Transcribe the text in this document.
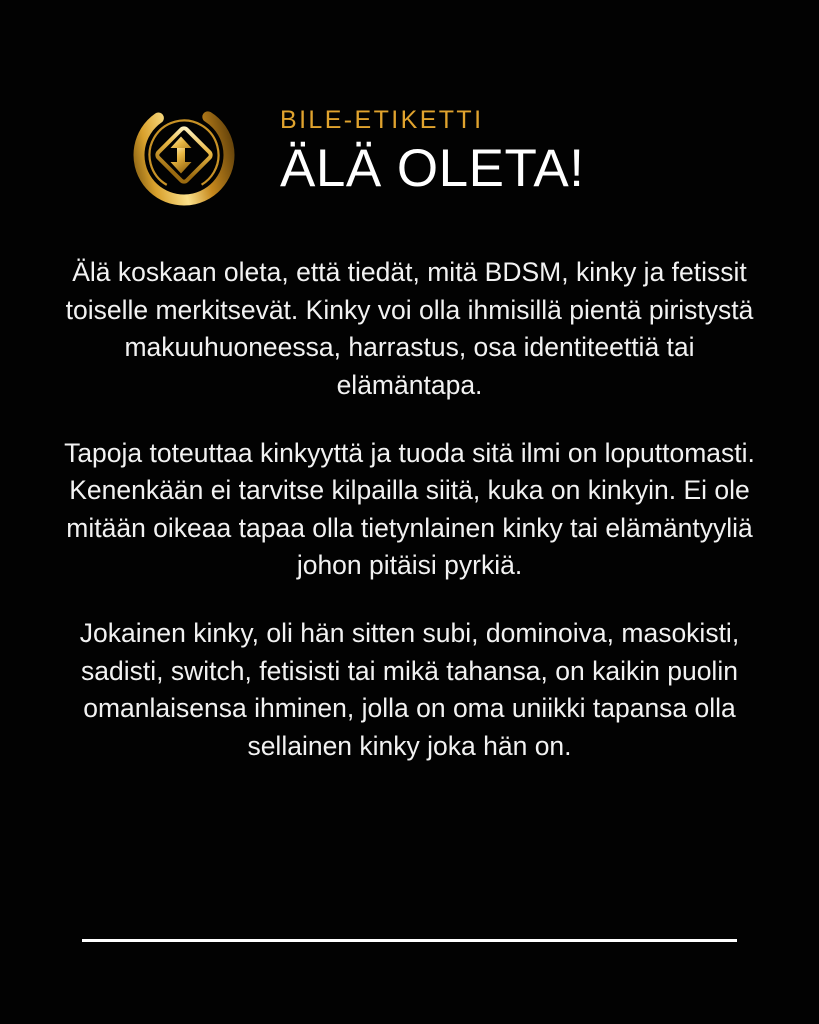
BILE-ETIKETTI
ÄLÄ OLETA!

Älä koskaan oleta, että tiedät, mitä BDSM, kinky ja fetissit toiselle merkitsevät. Kinky voi olla ihmisillä pientä piristystä makuuhuoneessa, harrastus, osa identiteettiä tai elämäntapa.

Tapoja toteuttaa kinkyyttä ja tuoda sitä ilmi on loputtomasti. Kenenkään ei tarvitse kilpailla siitä, kuka on kinkyin. Ei ole mitään oikeaa tapaa olla tietynlainen kinky tai elämäntyyliä johon pitäisi pyrkiä.

Jokainen kinky, oli hän sitten subi, dominoiva, masokisti, sadisti, switch, fetisisti tai mikä tahansa, on kaikin puolin omanlaisensa ihminen, jolla on oma uniikki tapansa olla sellainen kinky joka hän on.
